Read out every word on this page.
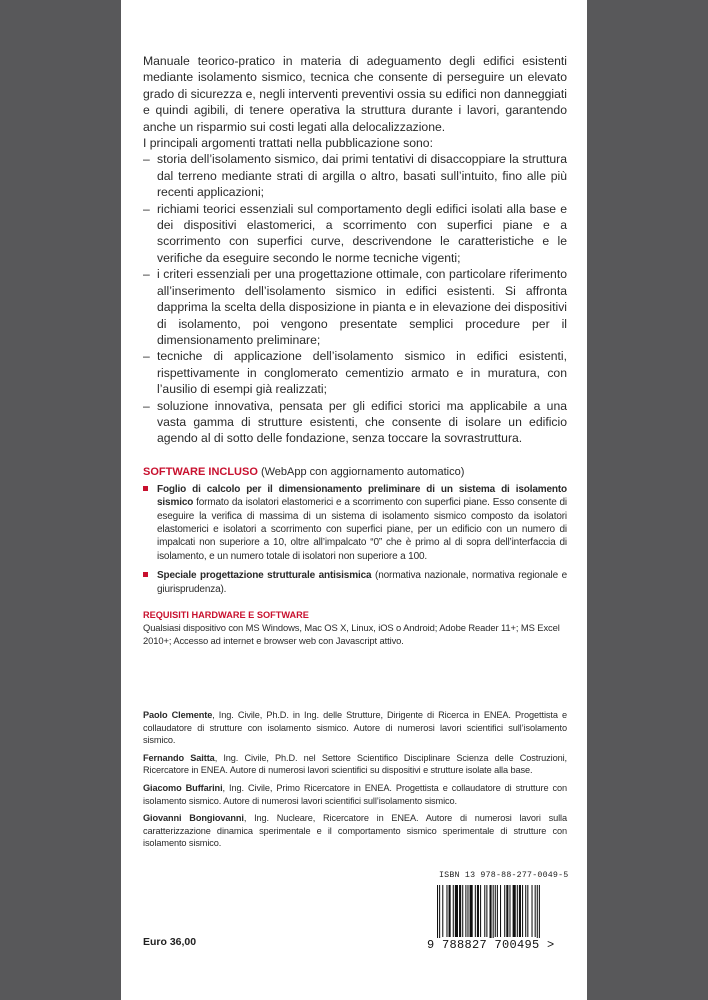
Manuale teorico-pratico in materia di adeguamento degli edifici esistenti mediante isolamento sismico, tecnica che consente di perseguire un elevato grado di sicurezza e, negli interventi preventivi ossia su edifici non danneggiati e quindi agibili, di tenere operativa la struttura durante i lavori, garantendo anche un risparmio sui costi legati alla delocalizzazione.

I principali argomenti trattati nella pubblicazione sono:

– storia dell’isolamento sismico, dai primi tentativi di disaccoppiare la struttura dal terreno mediante strati di argilla o altro, basati sull’intuito, fino alle più recenti applicazioni;
– richiami teorici essenziali sul comportamento degli edifici isolati alla base e dei dispositivi elastomerici, a scorrimento con superfici piane e a scorrimento con superfici curve, descrivendone le caratteristiche e le verifiche da eseguire secondo le norme tecniche vigenti;
– i criteri essenziali per una progettazione ottimale, con particolare riferimento all’inserimento dell’isolamento sismico in edifici esistenti. Si affronta dapprima la scelta della disposizione in pianta e in elevazione dei dispositivi di isolamento, poi vengono presentate semplici procedure per il dimensionamento preliminare;
– tecniche di applicazione dell’isolamento sismico in edifici esistenti, rispettivamente in conglomerato cementizio armato e in muratura, con l’ausilio di esempi già realizzati;
– soluzione innovativa, pensata per gli edifici storici ma applicabile a una vasta gamma di strutture esistenti, che consente di isolare un edificio agendo al di sotto delle fondazione, senza toccare la sovrastruttura.
SOFTWARE INCLUSO (WebApp con aggiornamento automatico)
Foglio di calcolo per il dimensionamento preliminare di un sistema di isolamento sismico formato da isolatori elastomerici e a scorrimento con superfici piane. Esso consente di eseguire la verifica di massima di un sistema di isolamento sismico composto da isolatori elastomerici e isolatori a scorrimento con superfici piane, per un edificio con un numero di impalcati non superiore a 10, oltre all’impalcato “0” che è primo al di sopra dell’interfaccia di isolamento, e un numero totale di isolatori non superiore a 100.
Speciale progettazione strutturale antisismica (normativa nazionale, normativa regionale e giurisprudenza).
REQUISITI HARDWARE E SOFTWARE
Qualsiasi dispositivo con MS Windows, Mac OS X, Linux, iOS o Android; Adobe Reader 11+; MS Excel 2010+; Accesso ad internet e browser web con Javascript attivo.
Paolo Clemente, Ing. Civile, Ph.D. in Ing. delle Strutture, Dirigente di Ricerca in ENEA. Progettista e collaudatore di strutture con isolamento sismico. Autore di numerosi lavori scientifici sull’isolamento sismico.
Fernando Saitta, Ing. Civile, Ph.D. nel Settore Scientifico Disciplinare Scienza delle Costruzioni, Ricercatore in ENEA. Autore di numerosi lavori scientifici su dispositivi e strutture isolate alla base.
Giacomo Buffarini, Ing. Civile, Primo Ricercatore in ENEA. Progettista e collaudatore di strutture con isolamento sismico. Autore di numerosi lavori scientifici sull’isolamento sismico.
Giovanni Bongiovanni, Ing. Nucleare, Ricercatore in ENEA. Autore di numerosi lavori sulla caratterizzazione dinamica sperimentale e il comportamento sismico sperimentale di strutture con isolamento sismico.
Euro 36,00
ISBN 13 978-88-277-0049-5
9 788827 700495 >
